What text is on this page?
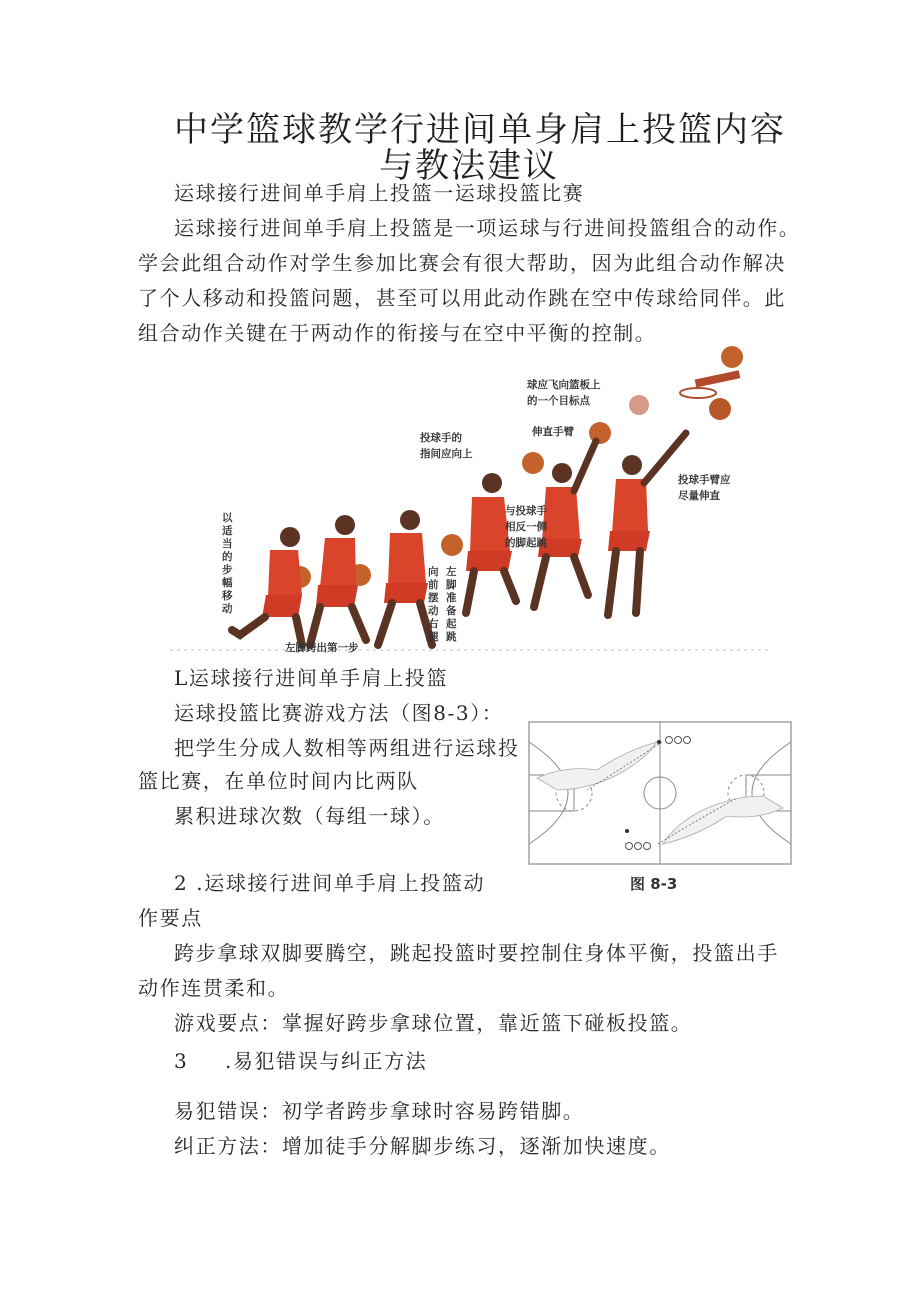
中学篮球教学行进间单身肩上投篮内容
与教法建议
运球接行进间单手肩上投篮一运球投篮比赛
运球接行进间单手肩上投篮是一项运球与行进间投篮组合的动作。
学会此组合动作对学生参加比赛会有很大帮助，因为此组合动作解决
了个人移动和投篮问题，甚至可以用此动作跳在空中传球给同伴。此
组合动作关键在于两动作的衔接与在空中平衡的控制。
球应飞向篮板上
的一个目标点
伸直手臂
投球手的
指间应向上
投球手臂应
尽量伸直
与投球手
相反一侧
的脚起跳
以适当的步幅移动
左脚准备起跳
向前摆动右腿
左脚跨出第一步
L运球接行进间单手肩上投篮
运球投篮比赛游戏方法（图8-3）：
把学生分成人数相等两组进行运球投
篮比赛，在单位时间内比两队
累积进球次数（每组一球）。
图 8-3
2 .运球接行进间单手肩上投篮动
作要点
跨步拿球双脚要腾空，跳起投篮时要控制住身体平衡，投篮出手
动作连贯柔和。
游戏要点：掌握好跨步拿球位置，靠近篮下碰板投篮。
3 .易犯错误与纠正方法
易犯错误：初学者跨步拿球时容易跨错脚。
纠正方法：增加徒手分解脚步练习，逐渐加快速度。
